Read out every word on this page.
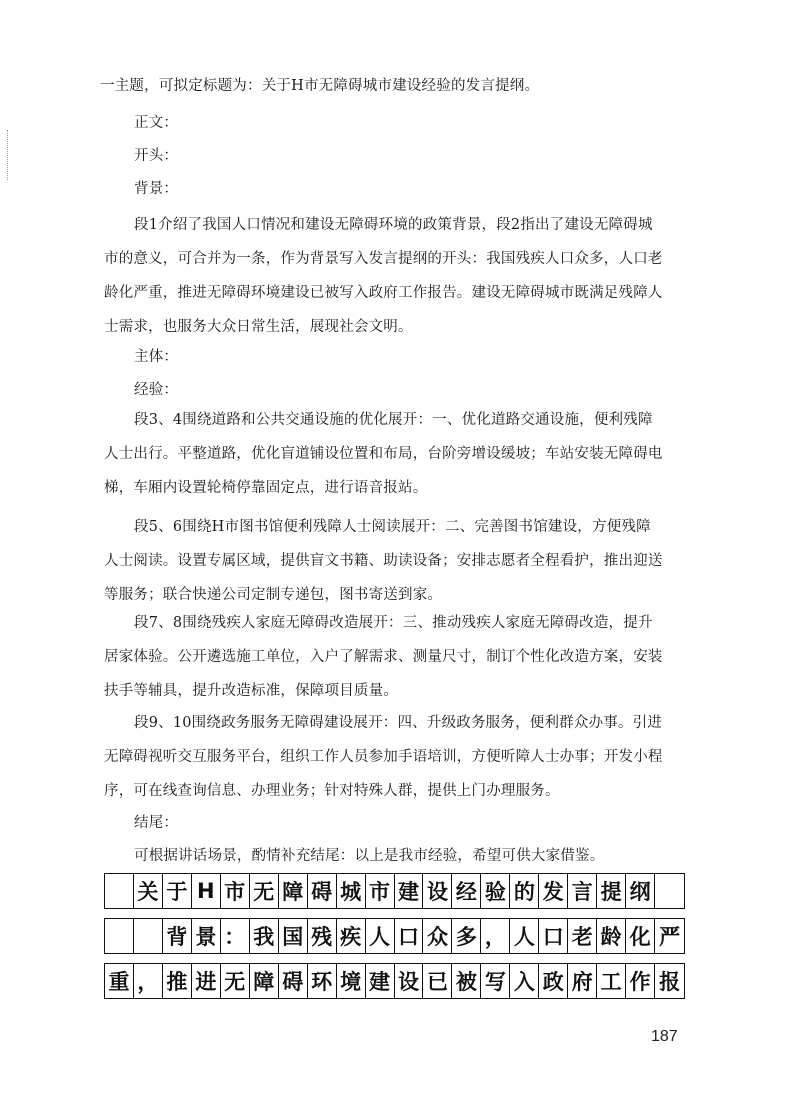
一主题，可拟定标题为：关于H市无障碍城市建设经验的发言提纲。
正文：
开头：
背景：
段1介绍了我国人口情况和建设无障碍环境的政策背景，段2指出了建设无障碍城
市的意义，可合并为一条，作为背景写入发言提纲的开头：我国残疾人口众多，人口老
龄化严重，推进无障碍环境建设已被写入政府工作报告。建设无障碍城市既满足残障人
士需求，也服务大众日常生活，展现社会文明。
主体：
经验：
段3、4围绕道路和公共交通设施的优化展开：一、优化道路交通设施，便利残障
人士出行。平整道路，优化盲道铺设位置和布局，台阶旁增设缓坡；车站安装无障碍电
梯，车厢内设置轮椅停靠固定点，进行语音报站。
段5、6围绕H市图书馆便利残障人士阅读展开：二、完善图书馆建设，方便残障
人士阅读。设置专属区域，提供盲文书籍、助读设备；安排志愿者全程看护，推出迎送
等服务；联合快递公司定制专递包，图书寄送到家。
段7、8围绕残疾人家庭无障碍改造展开：三、推动残疾人家庭无障碍改造，提升
居家体验。公开遴选施工单位，入户了解需求、测量尺寸，制订个性化改造方案，安装
扶手等辅具，提升改造标准，保障项目质量。
段9、10围绕政务服务无障碍建设展开：四、升级政务服务，便利群众办事。引进
无障碍视听交互服务平台，组织工作人员参加手语培训，方便听障人士办事；开发小程
序，可在线查询信息、办理业务；针对特殊人群，提供上门办理服务。
结尾：
可根据讲话场景，酌情补充结尾：以上是我市经验，希望可供大家借鉴。
关 于 H 市 无 障 碍 城 市 建 设 经 验 的 发 言 提 纲
背 景 ： 我 国 残 疾 人 口 众 多 ， 人 口 老 龄 化 严
重 ， 推 进 无 障 碍 环 境 建 设 已 被 写 入 政 府 工 作 报
187
